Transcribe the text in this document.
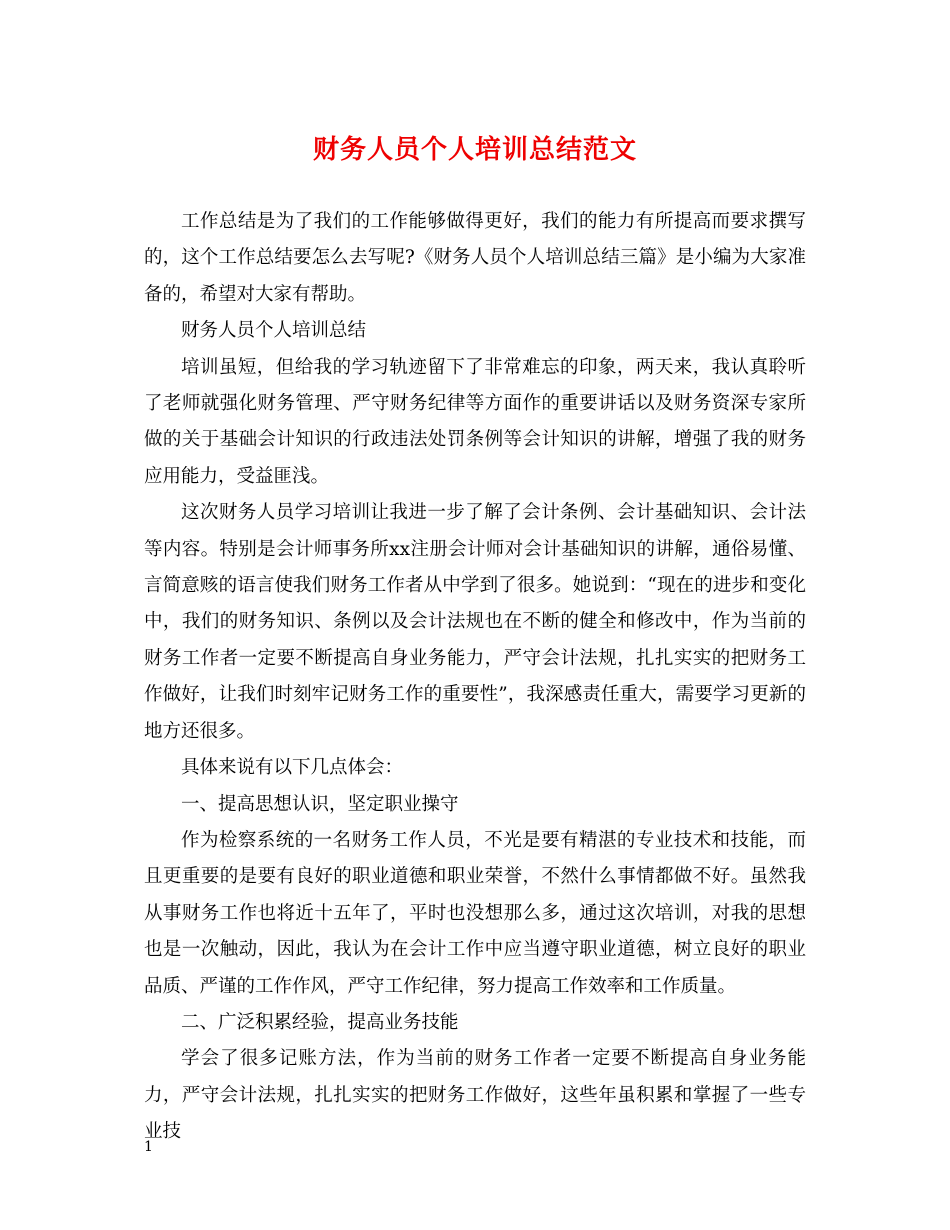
财务人员个人培训总结范文

工作总结是为了我们的工作能够做得更好，我们的能力有所提高而要求撰写的，这个工作总结要怎么去写呢?《财务人员个人培训总结三篇》是小编为大家准备的，希望对大家有帮助。

财务人员个人培训总结

培训虽短，但给我的学习轨迹留下了非常难忘的印象，两天来，我认真聆听了老师就强化财务管理、严守财务纪律等方面作的重要讲话以及财务资深专家所做的关于基础会计知识的行政违法处罚条例等会计知识的讲解，增强了我的财务应用能力，受益匪浅。

这次财务人员学习培训让我进一步了解了会计条例、会计基础知识、会计法等内容。特别是会计师事务所xx注册会计师对会计基础知识的讲解，通俗易懂、言简意赅的语言使我们财务工作者从中学到了很多。她说到：“现在的进步和变化中，我们的财务知识、条例以及会计法规也在不断的健全和修改中，作为当前的财务工作者一定要不断提高自身业务能力，严守会计法规，扎扎实实的把财务工作做好，让我们时刻牢记财务工作的重要性”，我深感责任重大，需要学习更新的地方还很多。

具体来说有以下几点体会：

一、提高思想认识，坚定职业操守

作为检察系统的一名财务工作人员，不光是要有精湛的专业技术和技能，而且更重要的是要有良好的职业道德和职业荣誉，不然什么事情都做不好。虽然我从事财务工作也将近十五年了，平时也没想那么多，通过这次培训，对我的思想也是一次触动，因此，我认为在会计工作中应当遵守职业道德，树立良好的职业品质、严谨的工作作风，严守工作纪律，努力提高工作效率和工作质量。

二、广泛积累经验，提高业务技能

学会了很多记账方法，作为当前的财务工作者一定要不断提高自身业务能力，严守会计法规，扎扎实实的把财务工作做好，这些年虽积累和掌握了一些专业技

1
